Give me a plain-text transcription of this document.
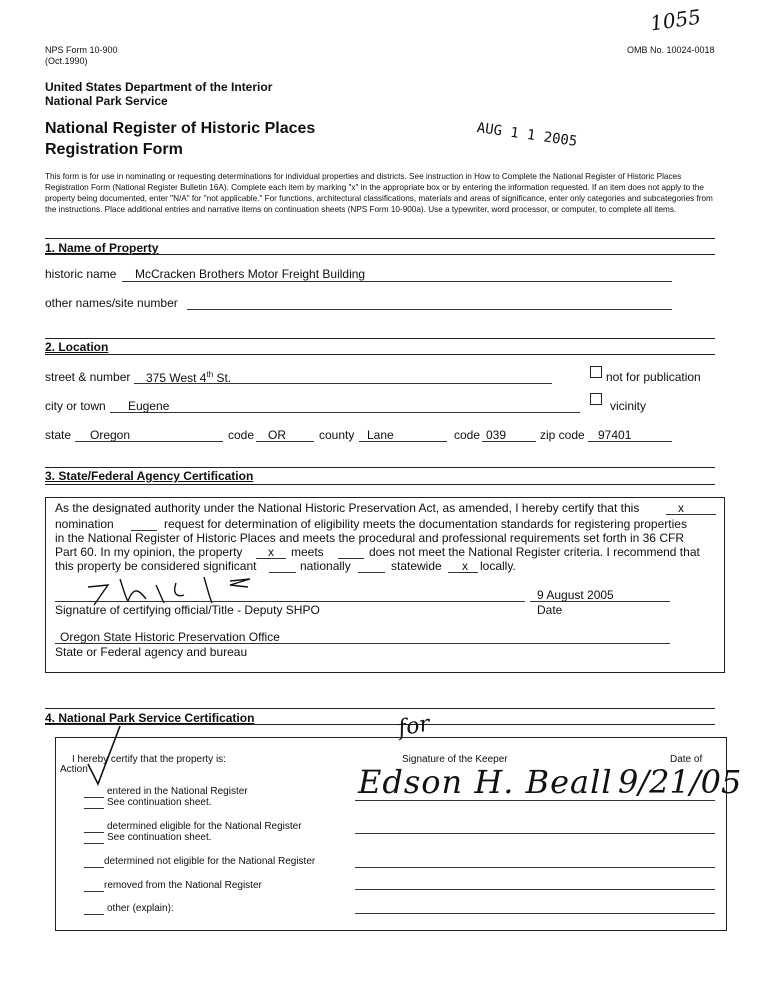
NPS Form 10-900
(Oct.1990)
OMB No. 10024-0018
1055
United States Department of the Interior
National Park Service
National Register of Historic Places
Registration Form	AUG 1 1 2005
This form is for use in nominating or requesting determinations for individual properties and districts. See instruction in How to Complete the National Register of Historic Places Registration Form (National Register Bulletin 16A). Complete each item by marking "x" in the appropriate box or by entering the information requested. If an item does not apply to the property being documented, enter "N/A" for "not applicable." For functions, architectural classifications, materials and areas of significance, enter only categories and subcategories from the instructions. Place additional entries and narrative items on continuation sheets (NPS Form 10-900a). Use a typewriter, word processor, or computer, to complete all items.
1. Name of Property
historic name McCracken Brothers Motor Freight Building
other names/site number
2. Location
street & number 375 West 4th St.	not for publication
city or town Eugene	vicinity
state Oregon	code OR	county Lane	code 039	zip code 97401
3. State/Federal Agency Certification
As the designated authority under the National Historic Preservation Act, as amended, I hereby certify that this	x
nomination	request for determination of eligibility meets the documentation standards for registering properties
in the National Register of Historic Places and meets the procedural and professional requirements set forth in 36 CFR
Part 60. In my opinion, the property x meets	does not meet the National Register criteria. I recommend that
this property be considered significant	nationally	statewide x locally.
9 August 2005
Signature of certifying official/Title - Deputy SHPO	Date
Oregon State Historic Preservation Office
State or Federal agency and bureau
4. National Park Service Certification
I hereby certify that the property is:
Action
Signature of the Keeper	Date of
for
Edson H. Beall 9/21/05
entered in the National Register
See continuation sheet.
determined eligible for the National Register
See continuation sheet.
determined not eligible for the National Register
removed from the National Register
other (explain):
